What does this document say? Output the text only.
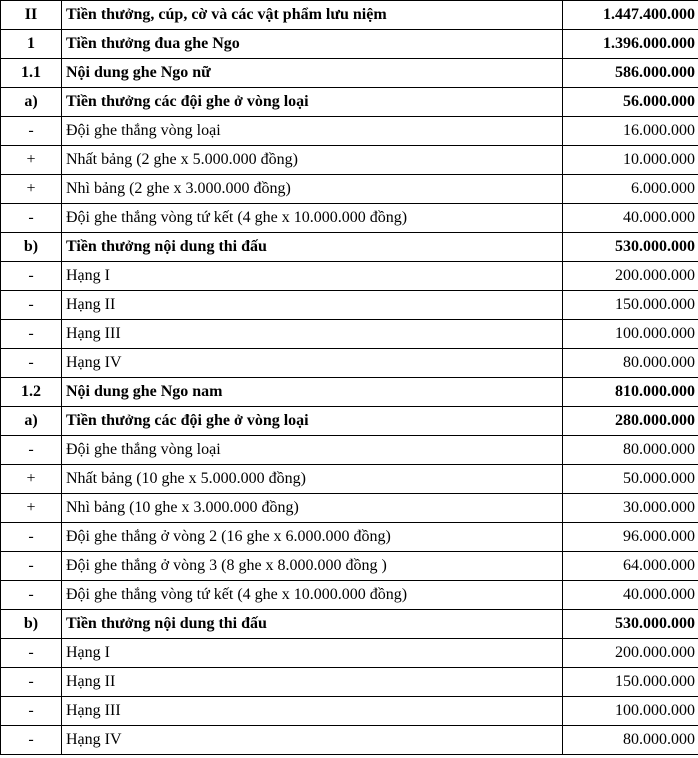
II	Tiền thưởng, cúp, cờ và các vật phẩm lưu niệm	1.447.400.000
1	Tiền thưởng đua ghe Ngo	1.396.000.000
1.1	Nội dung ghe Ngo nữ	586.000.000
a)	Tiền thưởng các đội ghe ở vòng loại	56.000.000
-	Đội ghe thắng vòng loại	16.000.000
+	Nhất bảng (2 ghe x 5.000.000 đồng)	10.000.000
+	Nhì bảng (2 ghe x 3.000.000 đồng)	6.000.000
-	Đội ghe thắng vòng tứ kết (4 ghe x 10.000.000 đồng)	40.000.000
b)	Tiền thưởng nội dung thi đấu	530.000.000
-	Hạng I	200.000.000
-	Hạng II	150.000.000
-	Hạng III	100.000.000
-	Hạng IV	80.000.000
1.2	Nội dung ghe Ngo nam	810.000.000
a)	Tiền thưởng các đội ghe ở vòng loại	280.000.000
-	Đội ghe thắng vòng loại	80.000.000
+	Nhất bảng (10 ghe x 5.000.000 đồng)	50.000.000
+	Nhì bảng (10 ghe x 3.000.000 đồng)	30.000.000
-	Đội ghe thắng ở vòng 2 (16 ghe x 6.000.000 đồng)	96.000.000
-	Đội ghe thắng ở vòng 3 (8 ghe x 8.000.000 đồng )	64.000.000
-	Đội ghe thắng vòng tứ kết (4 ghe x 10.000.000 đồng)	40.000.000
b)	Tiền thưởng nội dung thi đấu	530.000.000
-	Hạng I	200.000.000
-	Hạng II	150.000.000
-	Hạng III	100.000.000
-	Hạng IV	80.000.000
